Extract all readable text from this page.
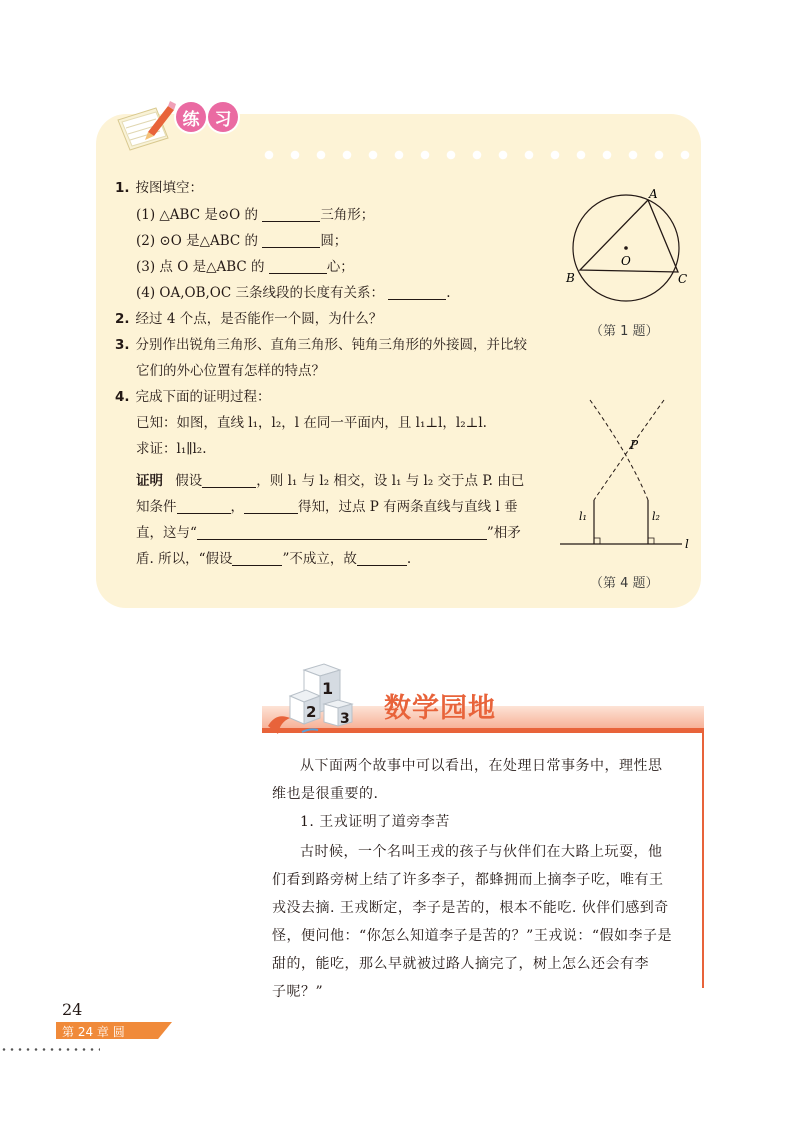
练 习
1. 按图填空：
(1) △ABC 是⊙O 的	三角形；
(2) ⊙O 是△ABC 的	圆；
(3) 点 O 是△ABC 的	心；
(4) OA,OB,OC 三条线段的长度有关系：	.
2. 经过 4 个点，是否能作一个圆，为什么？
3. 分别作出锐角三角形、直角三角形、钝角三角形的外接圆，并比较
它们的外心位置有怎样的特点？
4. 完成下面的证明过程：
已知：如图，直线 l₁，l₂，l 在同一平面内，且 l₁⊥l，l₂⊥l.
求证：l₁∥l₂.
证明 假设	，则 l₁ 与 l₂ 相交，设 l₁ 与 l₂ 交于点 P. 由已
知条件	，	得知，过点 P 有两条直线与直线 l 垂
直，这与“	”相矛
盾. 所以，“假设	”不成立，故	.
A
B	C
O
（第 1 题）
P
l₁	l₂
l
（第 4 题）
1
2 3 数学园地
从下面两个故事中可以看出，在处理日常事务中，理性思
维也是很重要的.
1. 王戎证明了道旁李苦
古时候，一个名叫王戎的孩子与伙伴们在大路上玩耍，他
们看到路旁树上结了许多李子，都蜂拥而上摘李子吃，唯有王
戎没去摘. 王戎断定，李子是苦的，根本不能吃. 伙伴们感到奇
怪，便问他：“你怎么知道李子是苦的？”王戎说：“假如李子是
甜的，能吃，那么早就被过路人摘完了，树上怎么还会有李
子呢？”
24
第 24 章 圆
